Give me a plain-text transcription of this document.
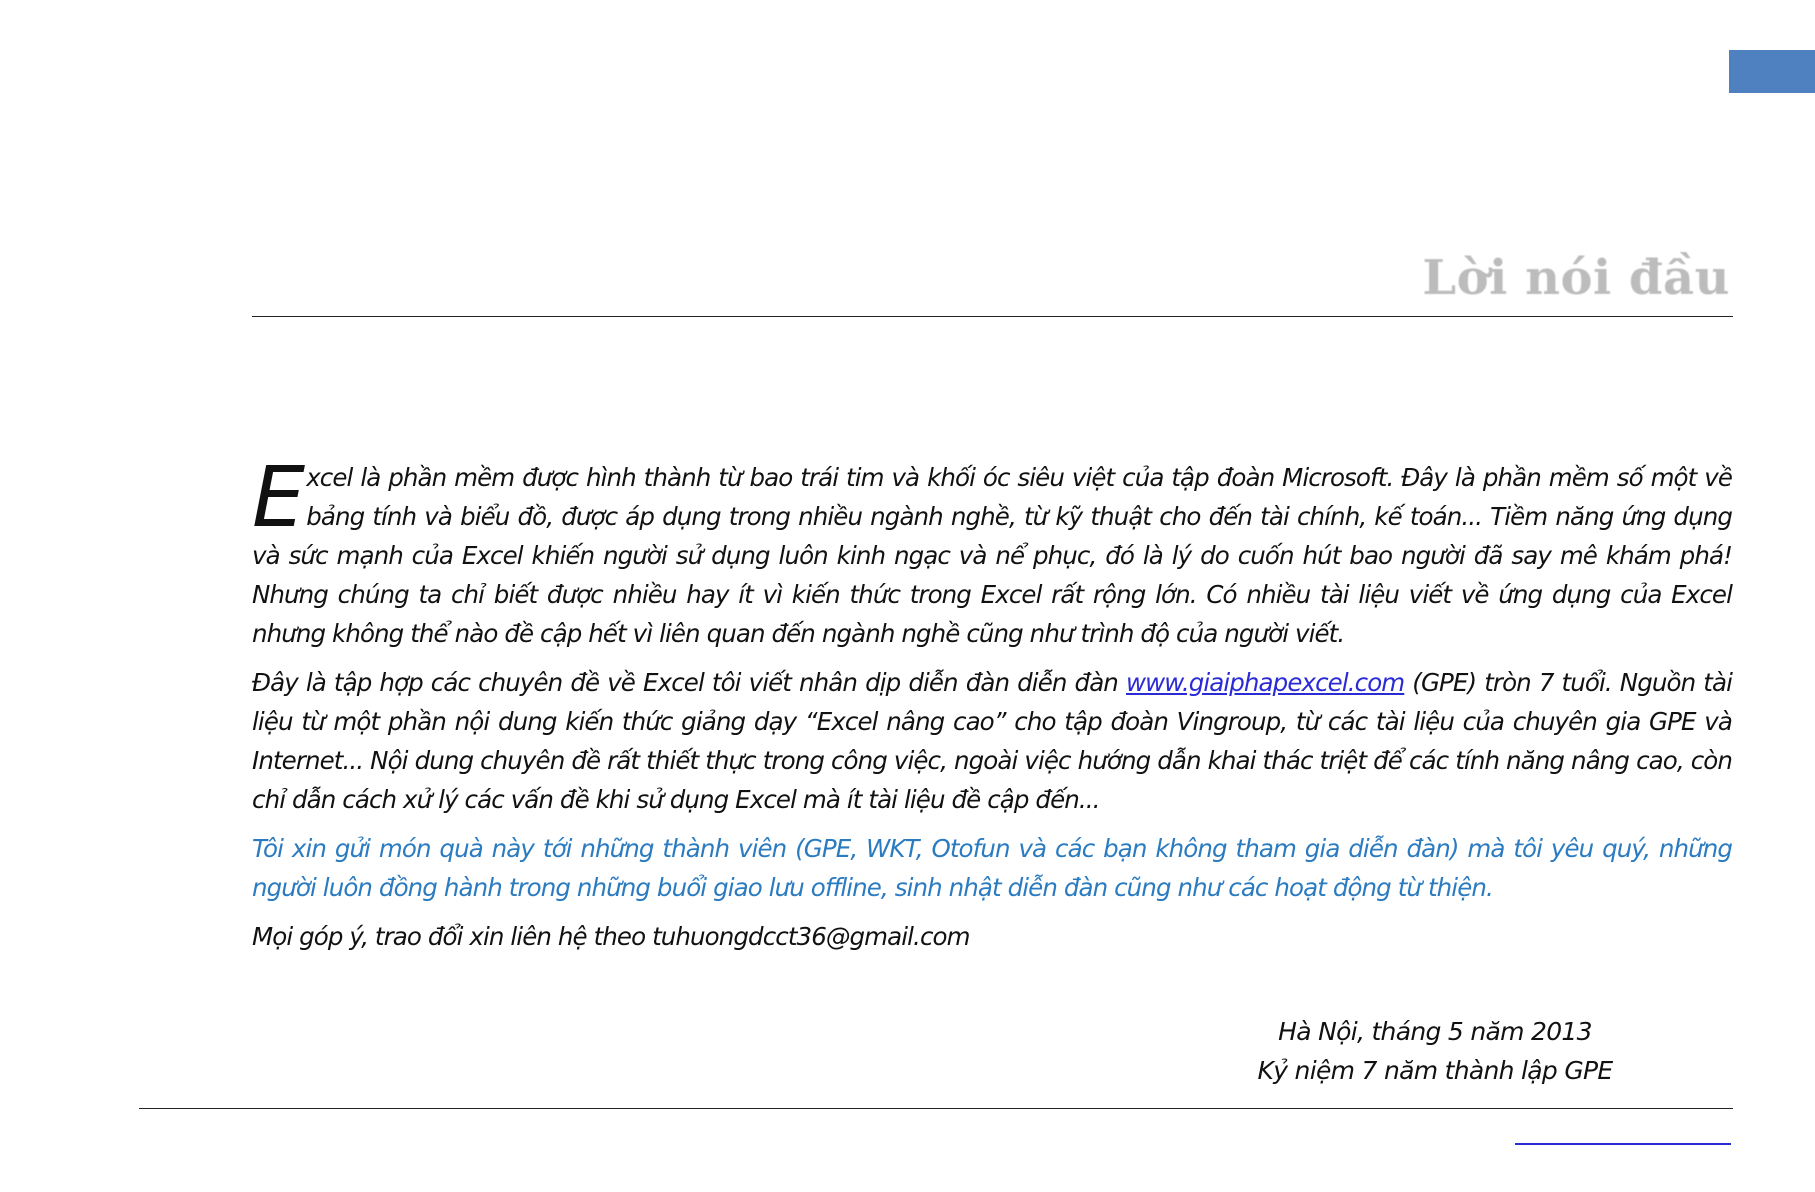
Lời nói đầu

Excel là phần mềm được hình thành từ bao trái tim và khối óc siêu việt của tập đoàn Microsoft. Đây là phần mềm số một về bảng tính và biểu đồ, được áp dụng trong nhiều ngành nghề, từ kỹ thuật cho đến tài chính, kế toán... Tiềm năng ứng dụng và sức mạnh của Excel khiến người sử dụng luôn kinh ngạc và nể phục, đó là lý do cuốn hút bao người đã say mê khám phá! Nhưng chúng ta chỉ biết được nhiều hay ít vì kiến thức trong Excel rất rộng lớn. Có nhiều tài liệu viết về ứng dụng của Excel nhưng không thể nào đề cập hết vì liên quan đến ngành nghề cũng như trình độ của người viết.

Đây là tập hợp các chuyên đề về Excel tôi viết nhân dịp diễn đàn diễn đàn www.giaiphapexcel.com (GPE) tròn 7 tuổi. Nguồn tài liệu từ một phần nội dung kiến thức giảng dạy “Excel nâng cao” cho tập đoàn Vingroup, từ các tài liệu của chuyên gia GPE và Internet... Nội dung chuyên đề rất thiết thực trong công việc, ngoài việc hướng dẫn khai thác triệt để các tính năng nâng cao, còn chỉ dẫn cách xử lý các vấn đề khi sử dụng Excel mà ít tài liệu đề cập đến...

Tôi xin gửi món quà này tới những thành viên (GPE, WKT, Otofun và các bạn không tham gia diễn đàn) mà tôi yêu quý, những người luôn đồng hành trong những buổi giao lưu offline, sinh nhật diễn đàn cũng như các hoạt động từ thiện.

Mọi góp ý, trao đổi xin liên hệ theo tuhuongdcct36@gmail.com

Hà Nội, tháng 5 năm 2013
Kỷ niệm 7 năm thành lập GPE
